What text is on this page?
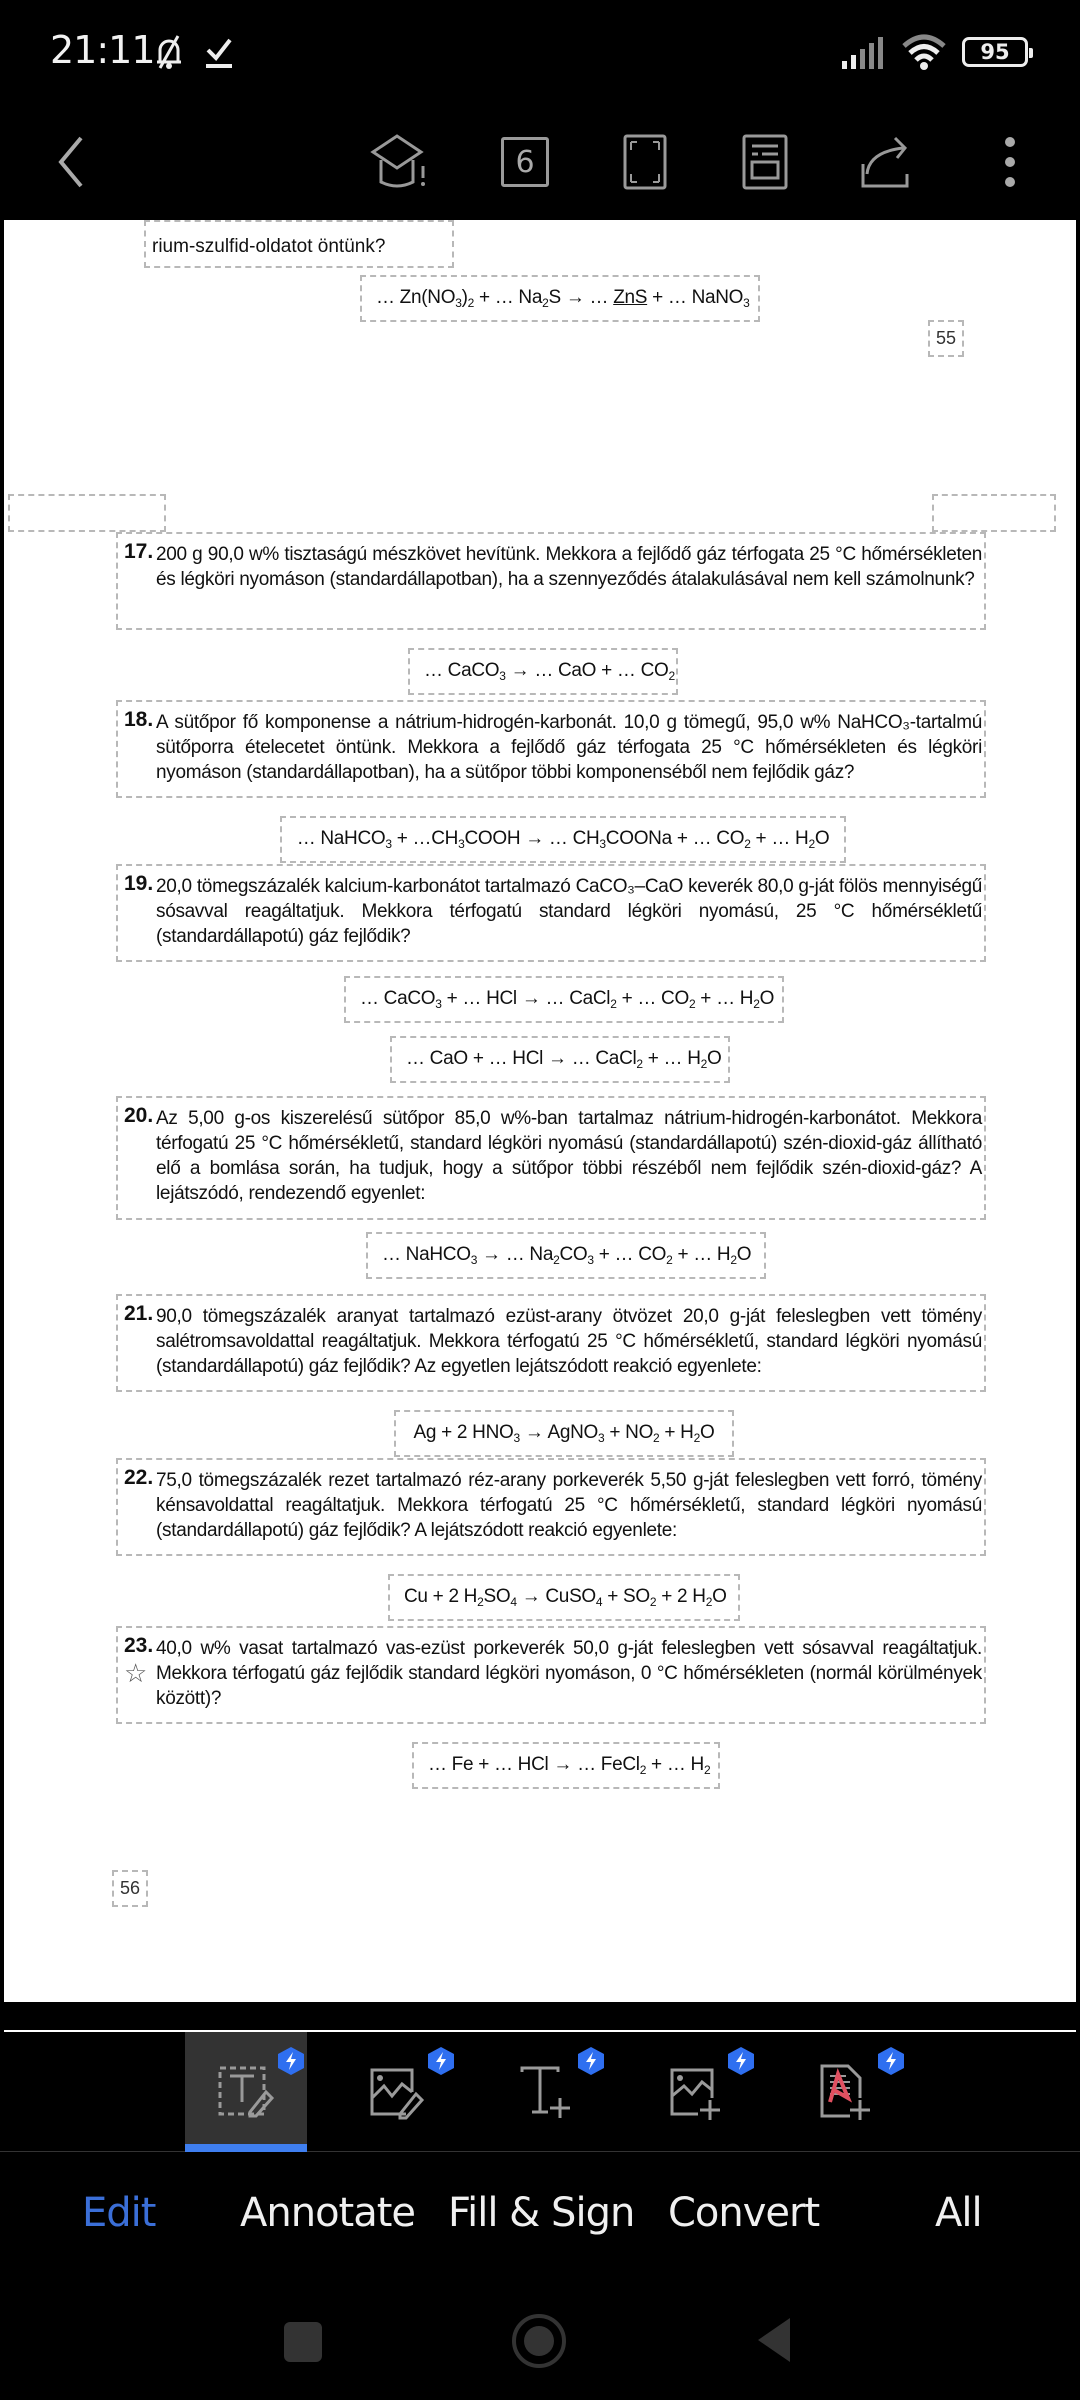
21:11	95
6
rium-szulfid-oldatot öntünk?
… $Zn(NO_3)_2$ + … $Na_2S$ → … ZnS + … NaNO$_3$
55
17. 200 g 90,0 w% tisztaságú mészkövet hevítünk. Mekkora a fejlődő gáz térfogata 25 °C hőmérsékleten és légköri nyomáson (standardállapotban), ha a szennyeződés átalakulásával nem kell számolnunk?
… CaCO$_3$ → … CaO + … $CO_2$
18. A sütőpor fő komponense a nátrium-hidrogén-karbonát. 10,0 g tömegű, 95,0 w% NaHCO₃-tartalmú sütőporra ételecetet öntünk. Mekkora a fejlődő gáz térfogata 25 °C hőmérsékleten és légköri nyomáson (standardállapotban), ha a sütőpor többi komponenséből nem fejlődik gáz?
… NaHCO$_3$ + $\dots CH_3COOH$ → … $CH_3COONa$ + … $CO_2$ + … $H_2O$
19. 20,0 tömegszázalék kalcium-karbonátot tartalmazó CaCO₃–CaO keverék 80,0 g-ját fölös mennyiségű sósavval reagáltatjuk. Mekkora térfogatú standard légköri nyomású, 25 °C hőmérsékletű (standardállapotú) gáz fejlődik?
… CaCO$_3$ + … HCl → … CaCl$_2$ + … $CO_2$ + … $H_2O$
… CaO + … HCl → … CaCl$_2$ + … $H_2O$
20. Az 5,00 g-os kiszerelésű sütőpor 85,0 w%-ban tartalmaz nátrium-hidrogén-karbonátot. Mekkora térfogatú 25 °C hőmérsékletű, standard légköri nyomású (standardállapotú) szén-dioxid-gáz állítható elő a bomlása során, ha tudjuk, hogy a sütőpor többi részéből nem fejlődik szén-dioxid-gáz? A lejátszódó, rendezendő egyenlet:
… NaHCO$_3$ → … $Na_2CO_3$ + … $CO_2$ + … $H_2O$
21. 90,0 tömegszázalék aranyat tartalmazó ezüst-arany ötvözet 20,0 g-ját feleslegben vett tömény salétromsavoldattal reagáltatjuk. Mekkora térfogatú 25 °C hőmérsékletű, standard légköri nyomású (standardállapotú) gáz fejlődik? Az egyetlen lejátszódott reakció egyenlete:
Ag + 2 $HNO_3$ → AgNO$_3$ + $NO_2 + H_2O$
22. 75,0 tömegszázalék rezet tartalmazó réz-arany porkeverék 5,50 g-ját feleslegben vett forró, tömény kénsavoldattal reagáltatjuk. Mekkora térfogatú 25 °C hőmérsékletű, standard légköri nyomású (standardállapotú) gáz fejlődik? A lejátszódott reakció egyenlete:
Cu + 2 $H_2SO_4$ → CuSO$_4$ + $SO_2 + 2$ $H_2O$
23.
☆
40,0 w% vasat tartalmazó vas-ezüst porkeverék 50,0 g-ját feleslegben vett sósavval reagáltatjuk. Mekkora térfogatú gáz fejlődik standard légköri nyomáson, 0 °C hőmérsékleten (normál körülmények között)?
… Fe + … HCl → … FeCl$_2$ + … $H_2$
56
Edit Annotate Fill & Sign Convert	All
